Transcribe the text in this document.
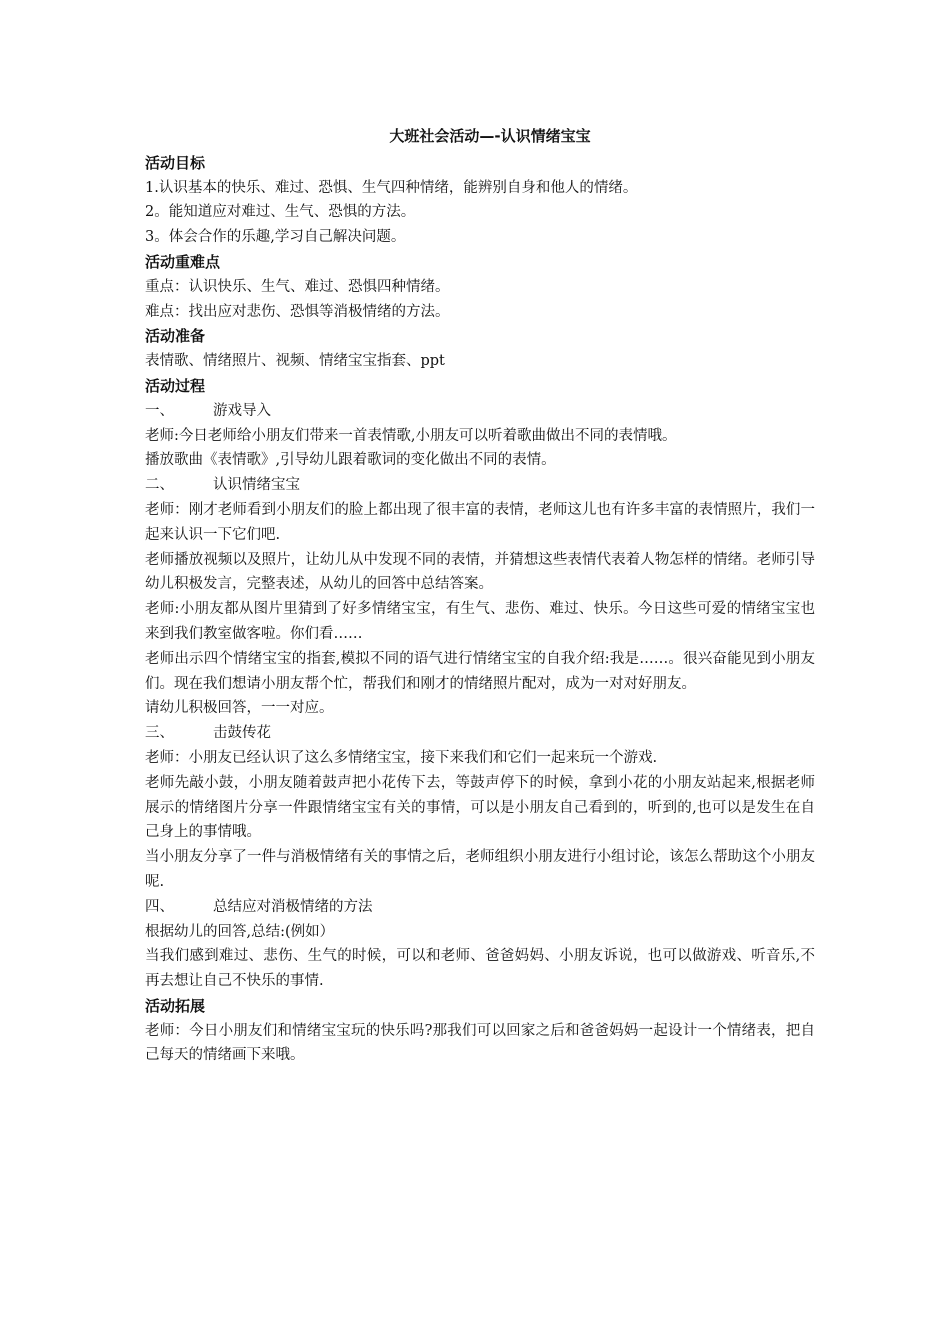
大班社会活动—-认识情绪宝宝
活动目标
1.认识基本的快乐、难过、恐惧、生气四种情绪，能辨别自身和他人的情绪。
2。能知道应对难过、生气、恐惧的方法。
3。体会合作的乐趣,学习自己解决问题。
活动重难点
重点：认识快乐、生气、难过、恐惧四种情绪。
难点：找出应对悲伤、恐惧等消极情绪的方法。
活动准备
表情歌、情绪照片、视频、情绪宝宝指套、ppt
活动过程
一、	游戏导入
老师:今日老师给小朋友们带来一首表情歌,小朋友可以听着歌曲做出不同的表情哦。
播放歌曲《表情歌》,引导幼儿跟着歌词的变化做出不同的表情。
二、	认识情绪宝宝
老师：刚才老师看到小朋友们的脸上都出现了很丰富的表情，老师这儿也有许多丰富的表情照片，我们一起来认识一下它们吧.
老师播放视频以及照片，让幼儿从中发现不同的表情，并猜想这些表情代表着人物怎样的情绪。老师引导幼儿积极发言，完整表述，从幼儿的回答中总结答案。
老师:小朋友都从图片里猜到了好多情绪宝宝，有生气、悲伤、难过、快乐。今日这些可爱的情绪宝宝也来到我们教室做客啦。你们看……
老师出示四个情绪宝宝的指套,模拟不同的语气进行情绪宝宝的自我介绍:我是……。很兴奋能见到小朋友们。现在我们想请小朋友帮个忙，帮我们和刚才的情绪照片配对，成为一对对好朋友。
请幼儿积极回答，一一对应。
三、	击鼓传花
老师：小朋友已经认识了这么多情绪宝宝，接下来我们和它们一起来玩一个游戏.
老师先敲小鼓，小朋友随着鼓声把小花传下去，等鼓声停下的时候，拿到小花的小朋友站起来,根据老师展示的情绪图片分享一件跟情绪宝宝有关的事情，可以是小朋友自己看到的，听到的,也可以是发生在自己身上的事情哦。
当小朋友分享了一件与消极情绪有关的事情之后，老师组织小朋友进行小组讨论，该怎么帮助这个小朋友呢.
四、	总结应对消极情绪的方法
根据幼儿的回答,总结:(例如）
当我们感到难过、悲伤、生气的时候，可以和老师、爸爸妈妈、小朋友诉说，也可以做游戏、听音乐,不再去想让自己不快乐的事情.
活动拓展
老师：今日小朋友们和情绪宝宝玩的快乐吗?那我们可以回家之后和爸爸妈妈一起设计一个情绪表，把自己每天的情绪画下来哦。
